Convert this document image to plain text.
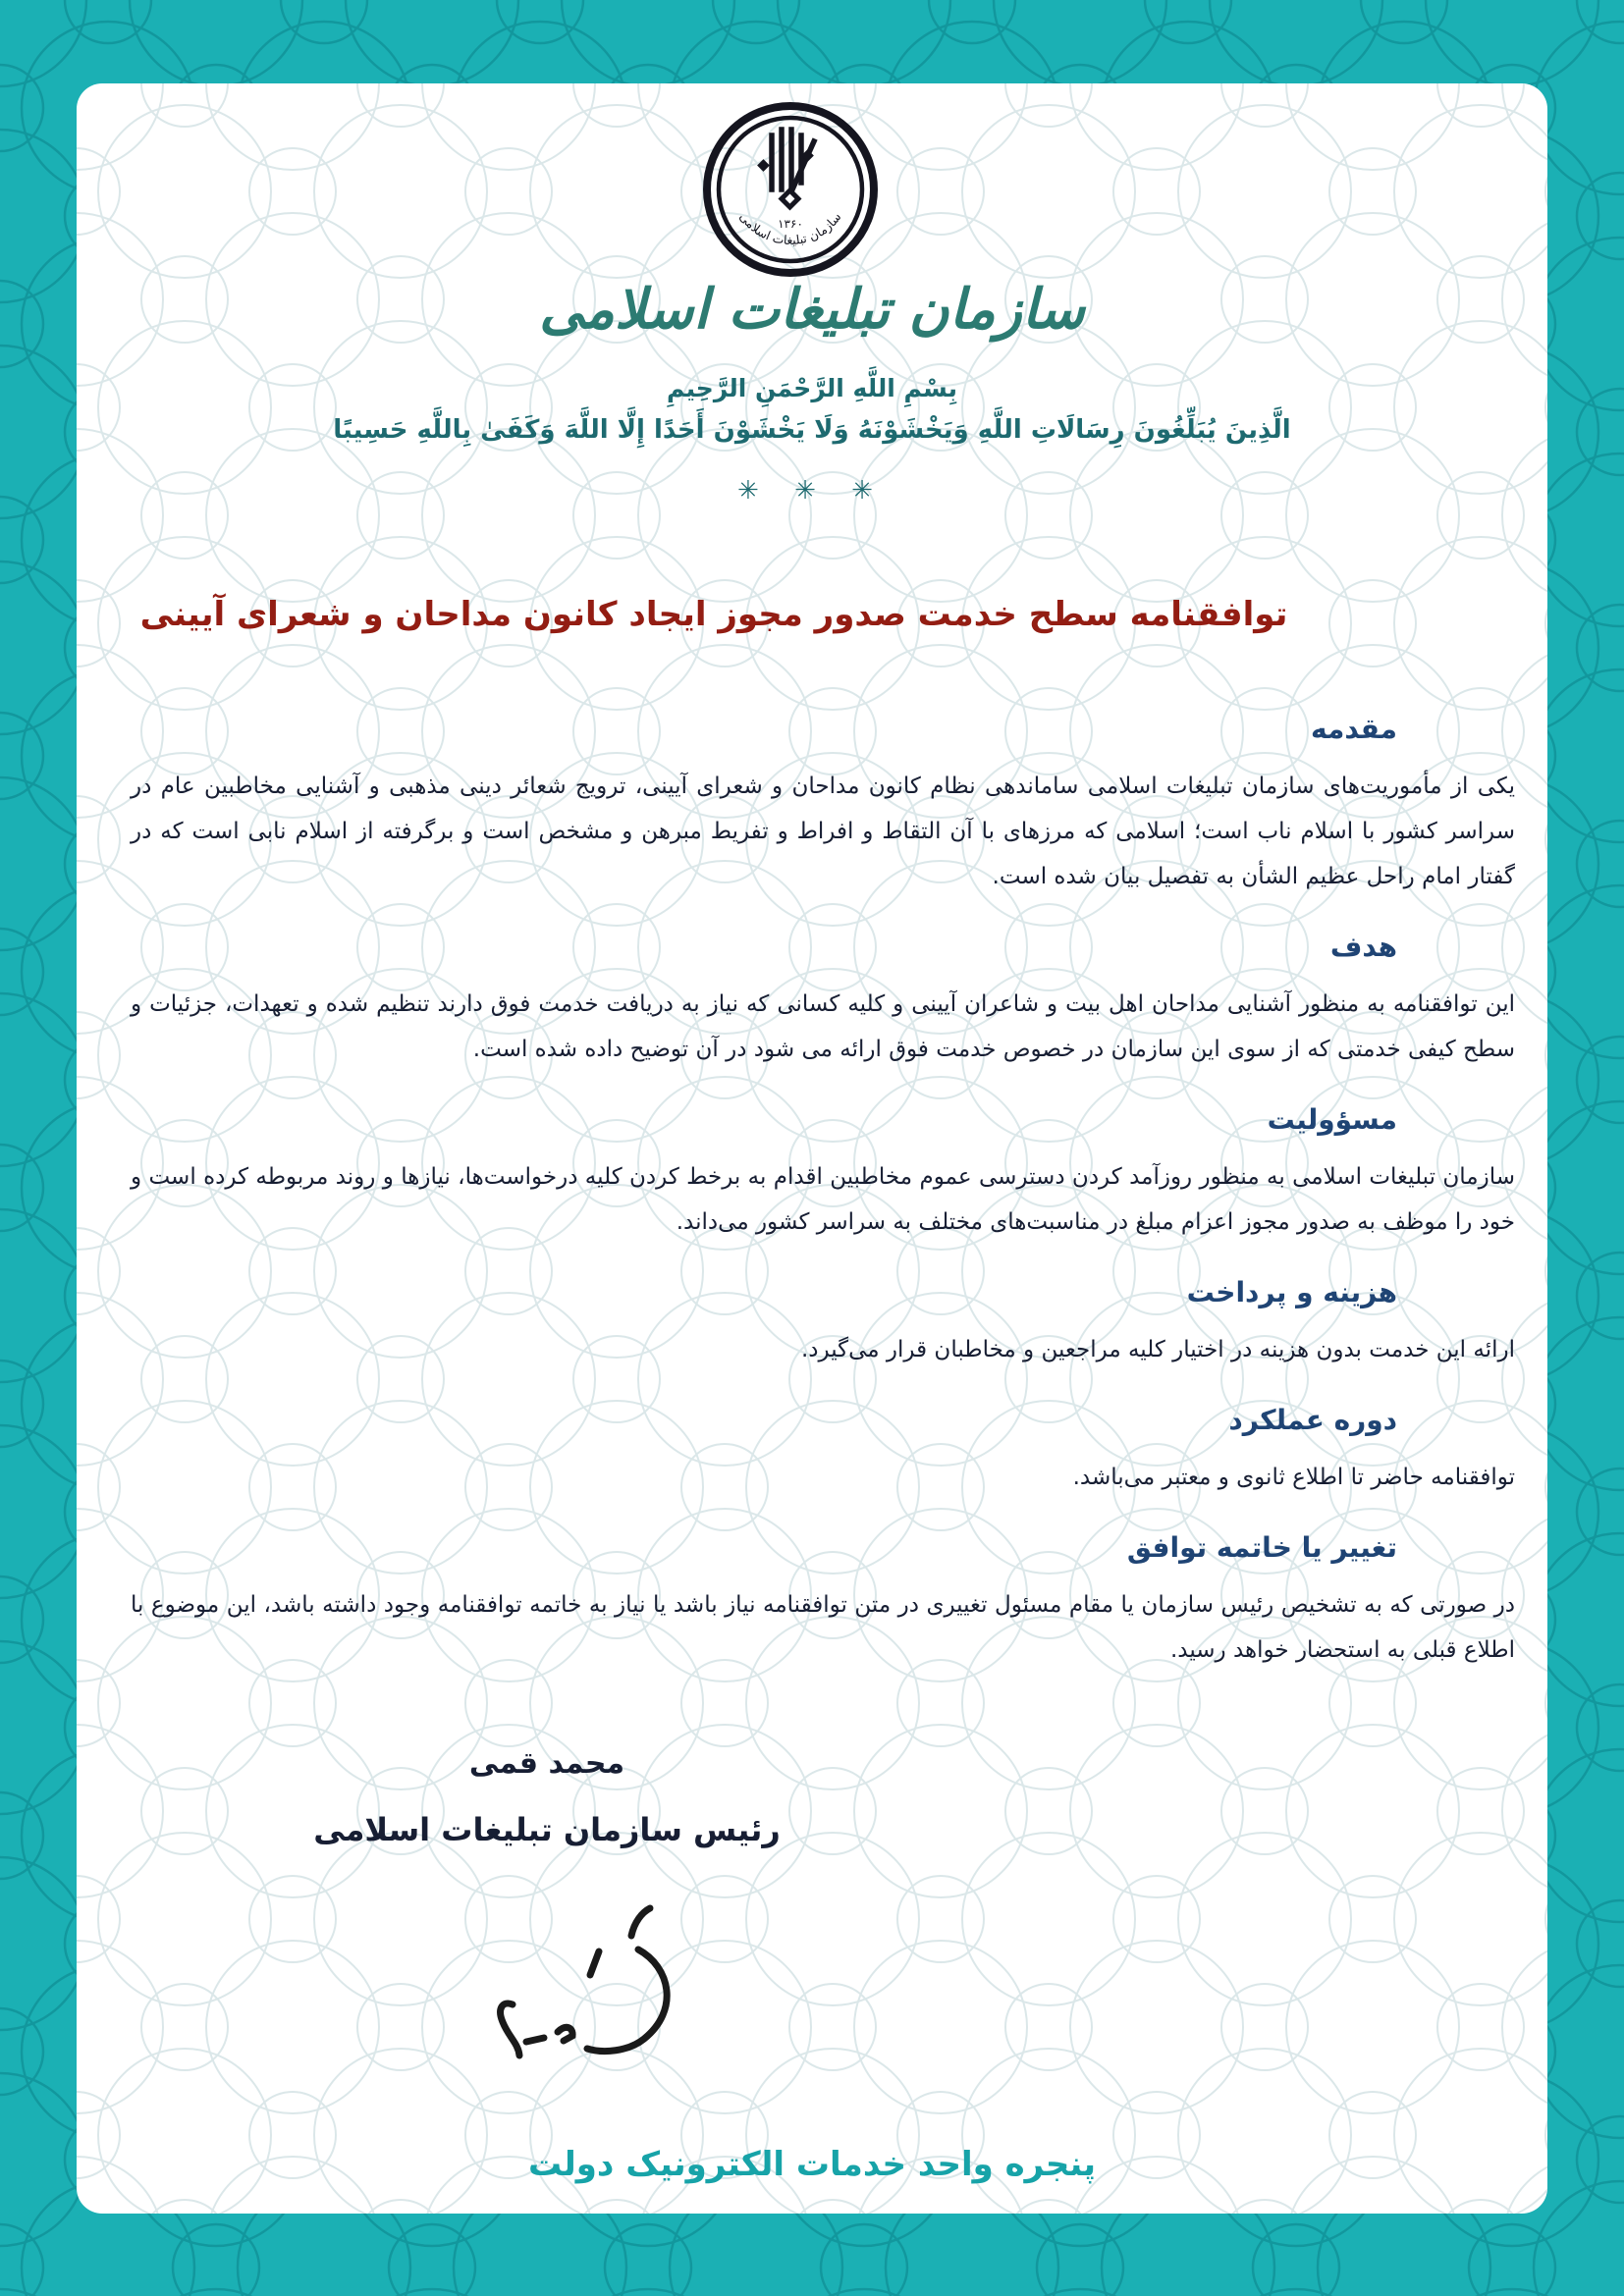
۱۳۶۰
سازمان تبلیغات اسلامی
سازمان تبلیغات اسلامی
بِسْمِ اللَّهِ الرَّحْمَنِ الرَّحِیمِ
الَّذِینَ یُبَلِّغُونَ رِسَالَاتِ اللَّهِ وَیَخْشَوْنَهُ وَلَا یَخْشَوْنَ أَحَدًا إِلَّا اللَّهَ وَکَفَىٰ بِاللَّهِ حَسِیبًا
✳ ✳ ✳
توافقنامه سطح خدمت صدور مجوز ایجاد کانون مداحان و شعرای آیینی
مقدمه

یکی از مأموریت‌های سازمان تبلیغات اسلامی ساماندهی نظام کانون مداحان و شعرای آیینی، ترویج شعائر دینی مذهبی و آشنایی مخاطبین عام در سراسر کشور با اسلام ناب است؛ اسلامی که مرزهای با آن التقاط و افراط و تفریط مبرهن و مشخص است و برگرفته از اسلام نابی است که در گفتار امام راحل عظیم الشأن به تفصیل بیان شده است.

هدف

این توافقنامه به منظور آشنایی مداحان اهل بیت و شاعران آیینی و کلیه کسانی که نیاز به دریافت خدمت فوق دارند تنظیم شده و تعهدات، جزئیات و سطح کیفی خدمتی که از سوی این سازمان در خصوص خدمت فوق ارائه می شود در آن توضیح داده شده است.

مسؤولیت

سازمان تبلیغات اسلامی به منظور روزآمد کردن دسترسی عموم مخاطبین اقدام به برخط کردن کلیه درخواست‌ها، نیازها و روند مربوطه کرده است و خود را موظف به صدور مجوز اعزام مبلغ در مناسبت‌های مختلف به سراسر کشور می‌داند.

هزینه و پرداخت

ارائه این خدمت بدون هزینه در اختیار کلیه مراجعین و مخاطبان قرار می‌گیرد.

دوره عملکرد

توافقنامه حاضر تا اطلاع ثانوی و معتبر می‌باشد.

تغییر یا خاتمه توافق

در صورتی که به تشخیص رئیس سازمان یا مقام مسئول تغییری در متن توافقنامه نیاز باشد یا نیاز به خاتمه توافقنامه وجود داشته باشد، این موضوع با اطلاع قبلی به استحضار خواهد رسید.

محمد قمی

رئیس سازمان تبلیغات اسلامی

پنجره واحد خدمات الکترونیک دولت
